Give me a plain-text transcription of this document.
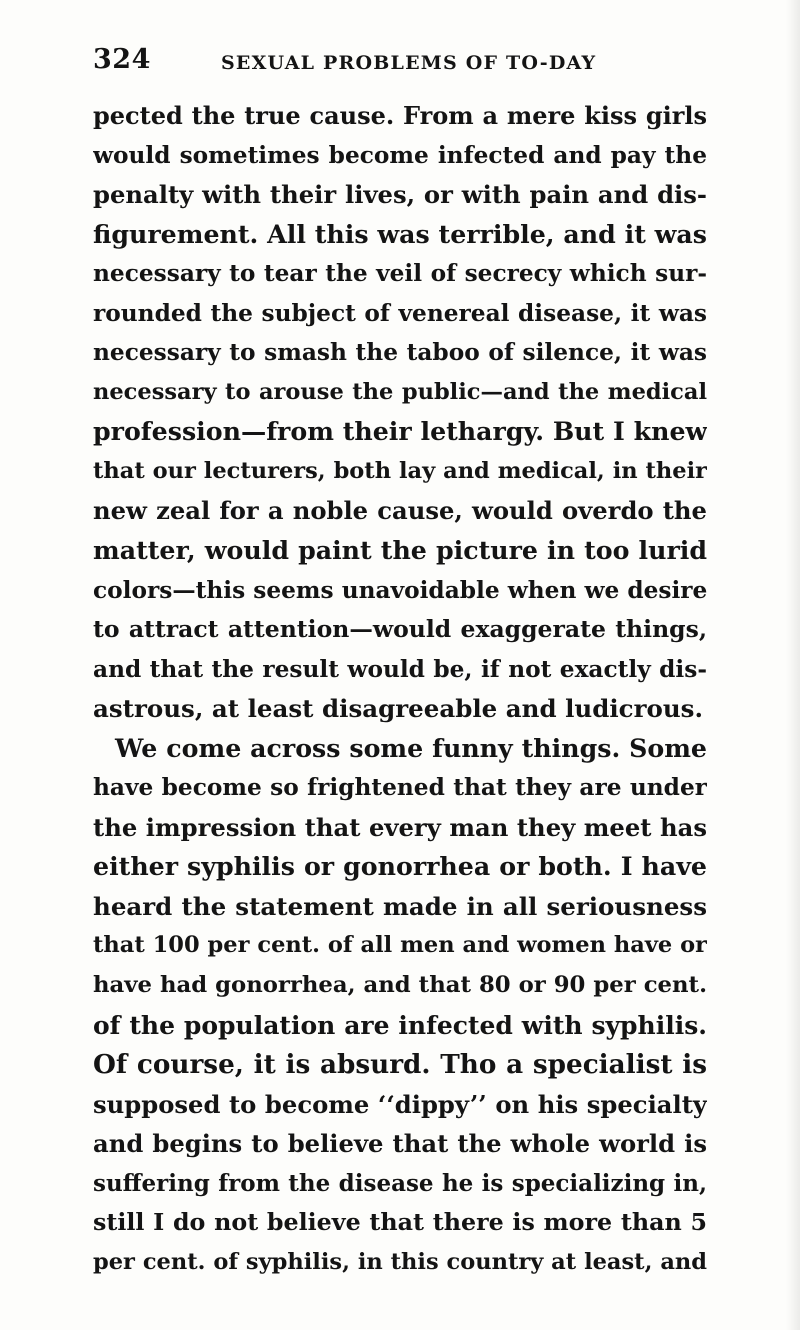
324	SEXUAL PROBLEMS OF TO-DAY
pected the true cause. From a mere kiss girls
would sometimes become infected and pay the
penalty with their lives, or with pain and dis-
figurement. All this was terrible, and it was
necessary to tear the veil of secrecy which sur-
rounded the subject of venereal disease, it was
necessary to smash the taboo of silence, it was
necessary to arouse the public—and the medical
profession—from their lethargy. But I knew
that our lecturers, both lay and medical, in their
new zeal for a noble cause, would overdo the
matter, would paint the picture in too lurid
colors—this seems unavoidable when we desire
to attract attention—would exaggerate things,
and that the result would be, if not exactly dis-
astrous, at least disagreeable and ludicrous.
We come across some funny things. Some
have become so frightened that they are under
the impression that every man they meet has
either syphilis or gonorrhea or both. I have
heard the statement made in all seriousness
that 100 per cent. of all men and women have or
have had gonorrhea, and that 80 or 90 per cent.
of the population are infected with syphilis.
Of course, it is absurd. Tho a specialist is
supposed to become ‘‘dippy’’ on his specialty
and begins to believe that the whole world is
suffering from the disease he is specializing in,
still I do not believe that there is more than 5
per cent. of syphilis, in this country at least, and
